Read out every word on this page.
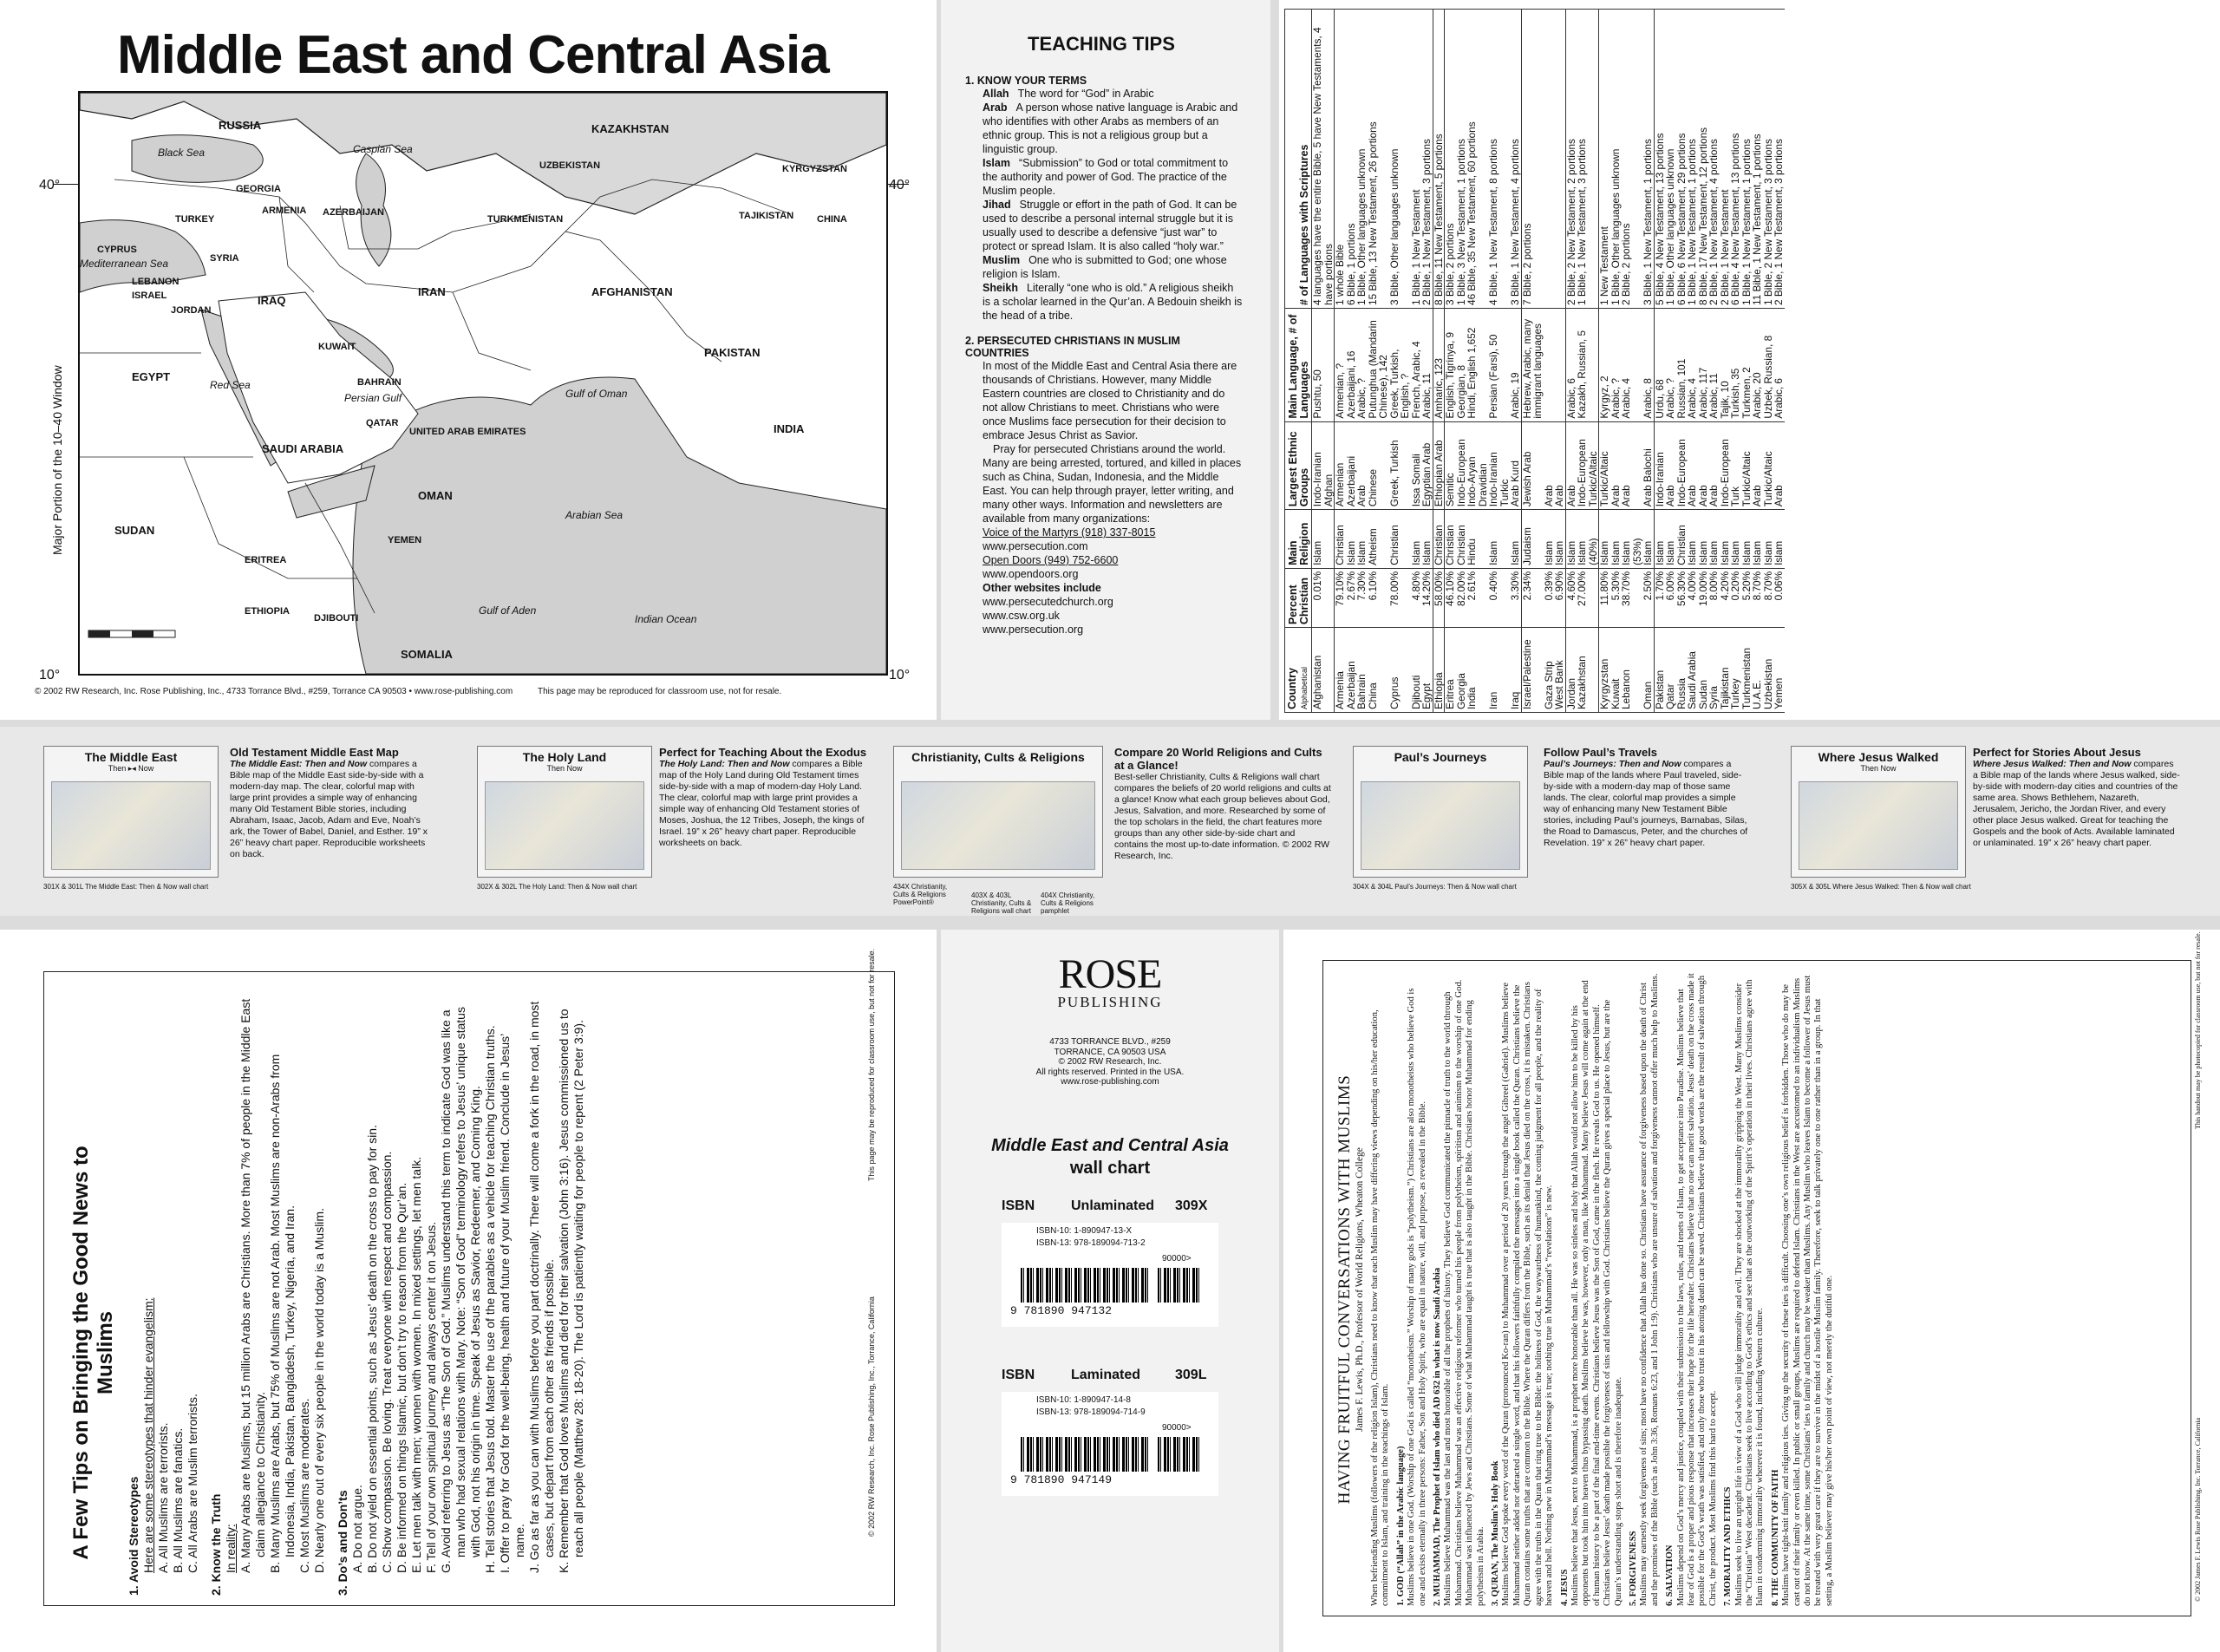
Middle East and Central Asia
40°	40°
10°	10°
Major Portion of the 10–40 Window
RUSSIA	KAZAKHSTAN
UZBEKISTAN	KYRGYZSTAN
GEORGIA
ARMENIA AZERBAIJAN
TURKEY	TURKMENISTAN	TAJIKISTAN CHINA
CYPRUS
SYRIA
LEBANON
ISRAEL
JORDAN
IRAQ
IRAN	AFGHANISTAN
PAKISTAN
KUWAIT
BAHRAIN
QATAR
UNITED ARAB EMIRATES	INDIA
EGYPT
SAUDI ARABIA
OMAN
SUDAN
ERITREA
YEMEN
ETHIOPIA
DJIBOUTI
SOMALIA
Black Sea	Caspian Sea
Mediterranean Sea
Red Sea
Persian Gulf	Gulf of Oman
Arabian Sea
Gulf of Aden
Indian Ocean
© 2002 RW Research, Inc. Rose Publishing, Inc., 4733 Torrance Blvd., #259, Torrance CA 90503 • www.rose-publishing.com	This page may be reproduced for classroom use, not for resale.
TEACHING TIPS
1. KNOW YOUR TERMS
Allah The word for “God” in Arabic
Arab A person whose native language is Arabic and who identifies with other Arabs as members of an ethnic group. This is not a religious group but a linguistic group.
Islam “Submission” to God or total commitment to the authority and power of God. The practice of the Muslim people.
Jihad Struggle or effort in the path of God. It can be used to describe a personal internal struggle but it is usually used to describe a defensive “just war” to protect or spread Islam. It is also called “holy war.”
Muslim One who is submitted to God; one whose religion is Islam.
Sheikh Literally “one who is old.” A religious sheikh is a scholar learned in the Qur’an. A Bedouin sheikh is the head of a tribe.
2. PERSECUTED CHRISTIANS IN MUSLIM COUNTRIES
In most of the Middle East and Central Asia there are thousands of Christians. However, many Middle Eastern countries are closed to Christianity and do not allow Christians to meet. Christians who were once Muslims face persecution for their decision to embrace Jesus Christ as Savior.
Pray for persecuted Christians around the world. Many are being arrested, tortured, and killed in places such as China, Sudan, Indonesia, and the Middle East. You can help through prayer, letter writing, and many other ways. Information and newsletters are available from many organizations:
Voice of the Martyrs (918) 337-8015
www.persecution.com
Open Doors (949) 752-6600
www.opendoors.org
Other websites include
www.persecutedchurch.org
www.csw.org.uk
www.persecution.org
Country Alphabetical	Percent Christian	Main Religion	Largest Ethnic Groups	Main Language, # of Languages	# of Languages with Scriptures
Afghanistan	0.01%	Islam	Indo-Iranian Afghan	Pushtu, 50	4 languages have the entire Bible, 5 have New Testaments, 4 have portions
Armenia	79.10%	Christian	Armenian	Armenian, ?	1 whole Bible
Azerbaijan	2.67%	Islam	Azerbaijani	Azerbaijani, 16	6 Bible, 1 portions
Bahrain	7.30%	Islam	Arab	Arabic, ?	1 Bible, Other languages unknown
China	6.10%	Atheism	Chinese	Putunghua (Mandarin Chinese), 142	15 Bible, 13 New Testament, 26 portions
Cyprus	78.00%	Christian	Greek, Turkish	Greek, Turkish, English, ?	3 Bible, Other languages unknown
Djibouti	4.80%	Islam	Issa Somali	French, Arabic, 4	1 Bible, 1 New Testament
Egypt	14.20%	Islam	Egyptian Arab	Arabic, 11	2 Bible, 1 New Testament, 3 portions
Ethiopia	58.00%	Christian	Ethiopian Arab	Amharic, 123	8 Bible, 11 New Testament, 5 portions
Eritrea	46.10%	Christian	Semitic	English, Tigrinya, 9	3 Bible, 2 portions
Georgia	82.00%	Christian	Indo-European	Georgian, 8	1 Bible, 3 New Testament, 1 portions
India	2.61%	Hindu	Indo-Aryan Dravidian	Hindi, English 1,652	46 Bible, 35 New Testament, 60 portions
Iran	0.40%	Islam	Indo-Iranian Turkic	Persian (Farsi), 50	4 Bible, 1 New Testament, 8 portions
Iraq	3.30%	Islam	Arab Kurd	Arabic, 19	3 Bible, 1 New Testament, 4 portions
Israel/Palestine	2.34%	Judaism	Jewish Arab	Hebrew, Arabic, many immigrant languages	7 Bible, 2 portions
Gaza Strip	0.39%	Islam	Arab		
West Bank	6.90%	Islam	Arab		
Jordan	4.60%	Islam	Arab	Arabic, 6	2 Bible, 2 New Testament, 2 portions
Kazakhstan	27.00%	Islam (40%)	Indo-European Turkic/Altaic	Kazakh, Russian, 5	1 Bible, 1 New Testament, 3 portions
Kyrgyzstan	11.80%	Islam	Turkic/Altaic	Kyrgyz, 2	1 New Testament
Kuwait	5.30%	Islam	Arab	Arabic, ?	1 Bible, Other languages unknown
Lebanon	38.70%	Islam (53%)	Arab	Arabic, 4	2 Bible, 2 portions
Oman	2.50%	Islam	Arab Balochi	Arabic, 8	3 Bible, 1 New Testament, 1 portions
Pakistan	1.70%	Islam	Indo-Iranian	Urdu, 68	5 Bible, 4 New Testament, 13 portions
Qatar	6.00%	Islam	Arab	Arabic, ?	1 Bible, Other languages unknown
Russia	56.30%	Christian	Indo-European	Russian, 101	6 Bible, 6 New Testament, 29 portions
Saudi Arabia	4.00%	Islam	Arab	Arabic, 4	1 Bible, 1 New Testament, 1 portions
Sudan	19.00%	Islam	Arab	Arabic, 117	8 Bible, 17 New Testament, 12 portions
Syria	8.00%	Islam	Arab	Arabic, 11	2 Bible, 1 New Testament, 4 portions
Tajikistan	4.20%	Islam	Indo-European	Tajik, 10	2 Bible, 1 New Testament
Turkey	0.20%	Islam	Turk	Turkish, 35	6 Bible, 4 New Testament, 13 portions
Turkmenistan	5.20%	Islam	Turkic/Altaic	Turkmen, 2	1 Bible, 1 New Testament, 1 portions
U.A.E.	8.70%	Islam	Arab	Arabic, 20	11 Bible, 1 New Testament, 1 portions
Uzbekistan	8.70%	Islam	Turkic/Altaic	Uzbek, Russian, 8	1 Bible, 2 New Testament, 3 portions
Yemen	0.06%	Islam	Arab	Arabic, 6	2 Bible, 1 New Testament, 3 portions
The Middle East
Then ▸◂ Now
301X & 301L The Middle East: Then & Now wall chart
Old Testament Middle East Map
The Middle East: Then and Now compares a Bible map of the Middle East side-by-side with a modern-day map. The clear, colorful map with large print provides a simple way of enhancing many Old Testament Bible stories, including Abraham, Isaac, Jacob, Adam and Eve, Noah’s ark, the Tower of Babel, Daniel, and Esther. 19” x 26” heavy chart paper. Reproducible worksheets on back.
The Holy Land
Then Now
302X & 302L The Holy Land: Then & Now wall chart
Perfect for Teaching About the Exodus
The Holy Land: Then and Now compares a Bible map of the Holy Land during Old Testament times side-by-side with a map of modern-day Holy Land. The clear, colorful map with large print provides a simple way of enhancing Old Testament stories of Moses, Joshua, the 12 Tribes, Joseph, the kings of Israel. 19” x 26” heavy chart paper. Reproducible worksheets on back.
Christianity, Cults & Religions
434X Christianity, Cults & Religions PowerPoint®
Compare 20 World Religions and Cults at a Glance!
Best-seller Christianity, Cults & Religions wall chart compares the beliefs of 20 world religions and cults at a glance! Know what each group believes about God, Jesus, Salvation, and more. Researched by some of the top scholars in the field, the chart features more groups than any other side-by-side chart and contains the most up-to-date information. © 2002 RW Research, Inc.
403X & 403L Christianity, Cults & Religions wall chart
404X Christianity, Cults & Religions pamphlet
Paul’s Journeys
304X & 304L Paul’s Journeys: Then & Now wall chart
Follow Paul’s Travels
Paul’s Journeys: Then and Now compares a Bible map of the lands where Paul traveled, side-by-side with a modern-day map of those same lands. The clear, colorful map provides a simple way of enhancing many New Testament Bible stories, including Paul’s journeys, Barnabas, Silas, the Road to Damascus, Peter, and the churches of Revelation. 19” x 26” heavy chart paper.
Where Jesus Walked
Then Now
305X & 305L Where Jesus Walked: Then & Now wall chart
Perfect for Stories About Jesus
Where Jesus Walked: Then and Now compares a Bible map of the lands where Jesus walked, side-by-side with modern-day cities and countries of the same area. Shows Bethlehem, Nazareth, Jerusalem, Jericho, the Jordan River, and every other place Jesus walked. Great for teaching the Gospels and the book of Acts. Available laminated or unlaminated. 19” x 26” heavy chart paper.
A Few Tips on Bringing the Good News to Muslims
1. Avoid Stereotypes Here are some stereotypes that hinder evangelism: A. All Muslims are terrorists. B. All Muslims are fanatics. C. All Arabs are Muslim terrorists. 2. Know the Truth In reality: A. Many Arabs are Muslims, but 15 million Arabs are Christians. More than 7% of people in the Middle East claim allegiance to Christianity. B. Many Muslims are Arabs, but 75% of Muslims are not Arab. Most Muslims are non-Arabs from Indonesia, India, Pakistan, Bangladesh, Turkey, Nigeria, and Iran. C. Most Muslims are moderates. D. Nearly one out of every six people in the world today is a Muslim. 3. Do’s and Don’ts A. Do not argue. B. Do not yield on essential points, such as Jesus’ death on the cross to pay for sin. C. Show compassion. Be loving. Treat everyone with respect and compassion. D. Be informed on things Islamic, but don’t try to reason from the Qur’an. E. Let men talk with men; women with women. In mixed settings, let men talk. F. Tell of your own spiritual journey and always center it on Jesus. G. Avoid referring to Jesus as “The Son of God.” Muslims understand this term to indicate God was like a man who had sexual relations with Mary. Note: “Son of God” terminology refers to Jesus’ unique status with God, not his origin in time. Speak of Jesus as Savior, Redeemer, and Coming King. H. Tell stories that Jesus told. Master the use of the parables as a vehicle for teaching Christian truths. I. Offer to pray for God for the well-being, health and future of your Muslim friend. Conclude in Jesus’ name. J. Go as far as you can with Muslims before you part doctrinally. There will come a fork in the road, in most cases, but depart from each other as friends if possible. K. Remember that God loves Muslims and died for their salvation (John 3:16). Jesus commissioned us to reach all people (Matthew 28: 18-20). The Lord is patiently waiting for people to repent (2 Peter 3:9).	© 2002 RW Research, Inc. Rose Publishing, Inc., Torrance, California
This page may be reproduced for classroom use, but not for resale.	ROSE
PUBLISHING
4733 TORRANCE BLVD., #259
TORRANCE, CA 90503 USA
© 2002 RW Research, Inc.
All rights reserved. Printed in the USA.
www.rose-publishing.com
Middle East and Central Asia
wall chart
ISBN	Unlaminated 309X
ISBN-10: 1-890947-13-X
ISBN-13: 978-189094-713-2
90000>
9 781890 947132
ISBN	Laminated 309L
ISBN-10: 1-890947-14-8
ISBN-13: 978-189094-714-9
90000>
9 781890 947149	HAVING FRUITFUL CONVERSATIONS WITH MUSLIMS James F. Lewis, Ph.D., Professor of World Religions, Wheaton College When befriending Muslims (followers of the religion Islam), Christians need to know that each Muslim may have differing views depending on his/her education, commitment to Islam, and training in the teachings of Islam. 1. GOD (“Allah” in the Arabic language) Muslims believe in one God. (Worship of one God is called “monotheism.” Worship of many gods is “polytheism.”) Christians are also monotheists who believe God is one and exists eternally in three persons: Father, Son and Holy Spirit, who are equal in nature, will, and purpose, as revealed in the Bible. 2. MUHAMMAD, The Prophet of Islam who died AD 632 in what is now Saudi Arabia Muslims believe Muhammad was the last and most honorable of all the prophets of history. They believe God communicated the pinnacle of truth to the world through Muhammad. Christians believe Muhammad was an effective religious reformer who turned his people from polytheism, spiritism and animism to the worship of one God. Muhammad was influenced by Jews and Christians. Some of what Muhammad taught is true that is also taught in the Bible. Christians honor Muhammad for ending polytheism in Arabia. 3. QURAN, The Muslim’s Holy Book Muslims believe God spoke every word of the Quran (pronounced Ko-ran) to Muhammad over a period of 20 years through the angel Gibreel (Gabriel). Muslims believe Muhammad neither added nor detracted a single word, and that his followers faithfully compiled the messages into a single book called the Quran. Christians believe the Quran contains some truths that are common to the Bible. Where the Quran differs from the Bible, such as its denial that Jesus died on the cross, it is mistaken. Christians agree with the truths in the Quran that ring true to the Bible: the holiness of God, the waywardness of humankind, the coming judgment for all people, and the reality of heaven and hell. Nothing new in Muhammad’s message is true; nothing true in Muhammad’s “revelations” is new. 4. JESUS Muslims believe that Jesus, next to Muhammad, is a prophet more honorable than all. He was so sinless and holy that Allah would not allow him to be killed by his opponents but took him into heaven thus bypassing death. Muslims believe he was, however, only a man, like Muhammad. Many believe Jesus will come again at the end of human history to be a part of the final end-time events. Christians believe Jesus was the Son of God, came in the flesh. He reveals God to us. He opened himself. Christians believe Jesus’ death made possible the forgiveness of sins and fellowship with God. Christians believe the Quran gives a special place to Jesus, but are the Quran’s understanding stops short and is therefore inadequate. 5. FORGIVENESS Muslims may earnestly seek forgiveness of sins; most have no confidence that Allah has done so. Christians have assurance of forgiveness based upon the death of Christ and the promises of the Bible (such as John 3:36, Romans 6:23, and 1 John 1:9). Christians who are unsure of salvation and forgiveness cannot offer much help to Muslims. 6. SALVATION Muslims depend on God’s mercy and justice, coupled with their submission to the laws, rules, and tenets of Islam, to get acceptance into Paradise. Muslims believe that fear of God is a proper and pious response that increases their hope for the life hereafter. Christians believe that no one can merit salvation. Jesus’ death on the cross made it possible for the God’s wrath was satisfied, and only those who trust in his atoning death can be saved. Christians believe that good works are the result of salvation through Christ, the product. Most Muslims find this hard to accept. 7. MORALITY AND ETHICS Muslims seek to live an upright life in view of a God who will judge immorality and evil. They are shocked at the immorality gripping the West. Many Muslims consider the “Christian” West decadent. Christians seek to live according to God’s ethics and see that as the outworking of the Spirit’s operation in their lives. Christians agree with Islam in condemning immorality wherever it is found, including Western culture. 8. THE COMMUNITY OF FAITH Muslims have tight-knit family and religious ties. Giving up the security of these ties is difficult. Choosing one’s own religious belief is forbidden. Those who do may be cast out of their family or even killed. In public or small groups, Muslims are required to defend Islam. Christians in the West are accustomed to an individualism Muslims do not know. At the same time, some Christians’ ties to family and church may be weaker than Muslims. Any Muslim who leaves Islam to become a follower of Jesus must be treated with very great care if they are to survive in the midst of a hostile Muslim family. Therefore, seek to talk privately one to one rather than in a group. In that setting, a Muslim believer may give his/her own point of view, not merely the dutiful one.	© 2002 James F. Lewis Rose Publishing, Inc. Torrance, California
This handout may be photocopied for classroom use, but not for resale.
